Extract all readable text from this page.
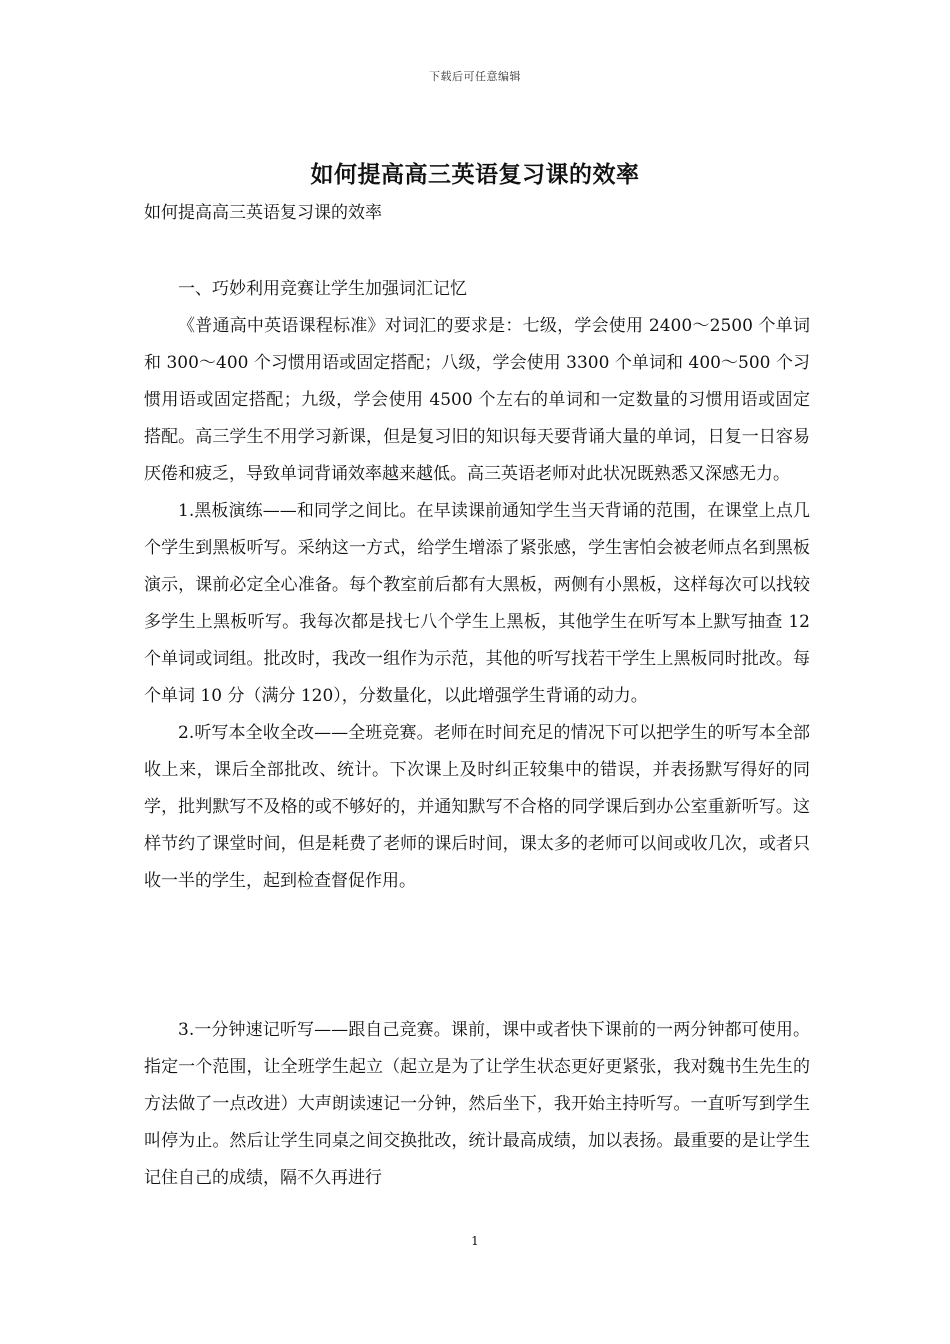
下载后可任意编辑
如何提高高三英语复习课的效率
如何提高高三英语复习课的效率

一、巧妙利用竞赛让学生加强词汇记忆

《普通高中英语课程标准》对词汇的要求是：七级，学会使用 2400～2500 个单词和 300～400 个习惯用语或固定搭配；八级，学会使用 3300 个单词和 400～500 个习惯用语或固定搭配；九级，学会使用 4500 个左右的单词和一定数量的习惯用语或固定搭配。高三学生不用学习新课，但是复习旧的知识每天要背诵大量的单词，日复一日容易厌倦和疲乏，导致单词背诵效率越来越低。高三英语老师对此状况既熟悉又深感无力。

1.黑板演练——和同学之间比。在早读课前通知学生当天背诵的范围，在课堂上点几个学生到黑板听写。采纳这一方式，给学生增添了紧张感，学生害怕会被老师点名到黑板演示，课前必定全心准备。每个教室前后都有大黑板，两侧有小黑板，这样每次可以找较多学生上黑板听写。我每次都是找七八个学生上黑板，其他学生在听写本上默写抽查 12 个单词或词组。批改时，我改一组作为示范，其他的听写找若干学生上黑板同时批改。每个单词 10 分（满分 120），分数量化，以此增强学生背诵的动力。

2.听写本全收全改——全班竞赛。老师在时间充足的情况下可以把学生的听写本全部收上来，课后全部批改、统计。下次课上及时纠正较集中的错误，并表扬默写得好的同学，批判默写不及格的或不够好的，并通知默写不合格的同学课后到办公室重新听写。这样节约了课堂时间，但是耗费了老师的课后时间，课太多的老师可以间或收几次，或者只收一半的学生，起到检查督促作用。

3.一分钟速记听写——跟自己竞赛。课前，课中或者快下课前的一两分钟都可使用。指定一个范围，让全班学生起立（起立是为了让学生状态更好更紧张，我对魏书生先生的方法做了一点改进）大声朗读速记一分钟，然后坐下，我开始主持听写。一直听写到学生叫停为止。然后让学生同桌之间交换批改，统计最高成绩，加以表扬。最重要的是让学生记住自己的成绩，隔不久再进行

1
